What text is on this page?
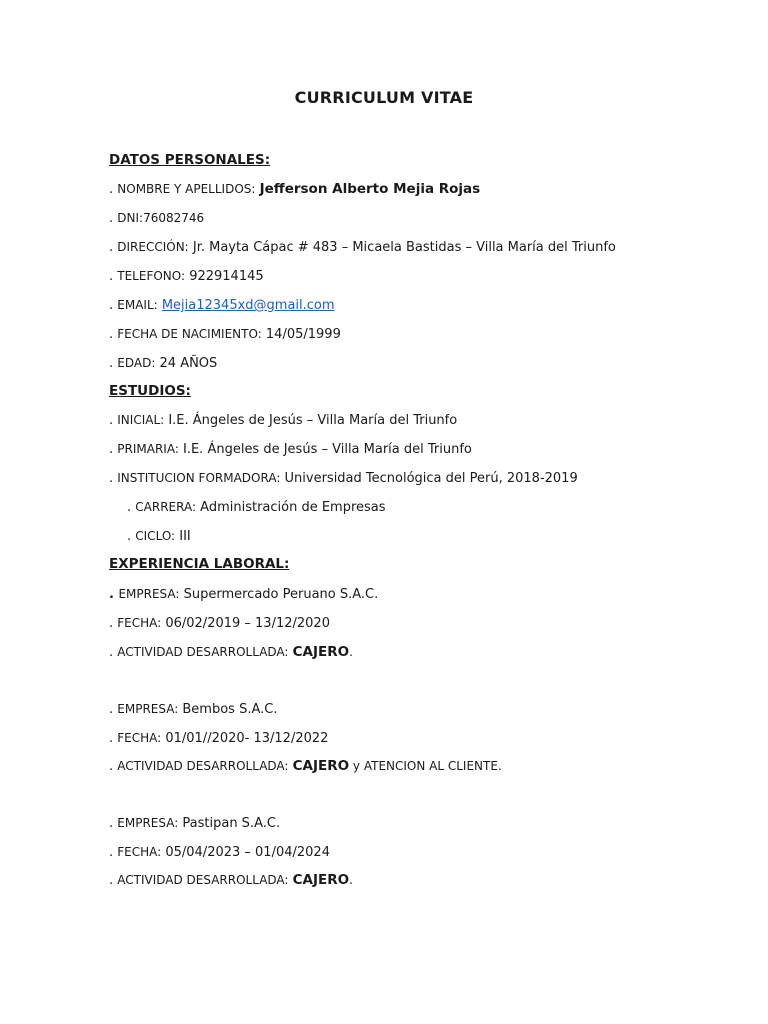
CURRICULUM VITAE
DATOS PERSONALES:
. NOMBRE Y APELLIDOS: Jefferson Alberto Mejia Rojas
. DNI:76082746
. DIRECCIÓN: Jr. Mayta Cápac # 483 – Micaela Bastidas – Villa María del Triunfo
. TELEFONO: 922914145
. EMAIL: Mejia12345xd@gmail.com
. FECHA DE NACIMIENTO: 14/05/1999
. EDAD: 24 AÑOS
ESTUDIOS:
. INICIAL: I.E. Ángeles de Jesús – Villa María del Triunfo
. PRIMARIA: I.E. Ángeles de Jesús – Villa María del Triunfo
. INSTITUCION FORMADORA: Universidad Tecnológica del Perú, 2018-2019
. CARRERA: Administración de Empresas
. CICLO: III
EXPERIENCIA LABORAL:
. EMPRESA: Supermercado Peruano S.A.C.
. FECHA: 06/02/2019 – 13/12/2020
. ACTIVIDAD DESARROLLADA: CAJERO.
. EMPRESA: Bembos S.A.C.
. FECHA: 01/01//2020- 13/12/2022
. ACTIVIDAD DESARROLLADA: CAJERO y ATENCION AL CLIENTE.
. EMPRESA: Pastipan S.A.C.
. FECHA: 05/04/2023 – 01/04/2024
. ACTIVIDAD DESARROLLADA: CAJERO.
